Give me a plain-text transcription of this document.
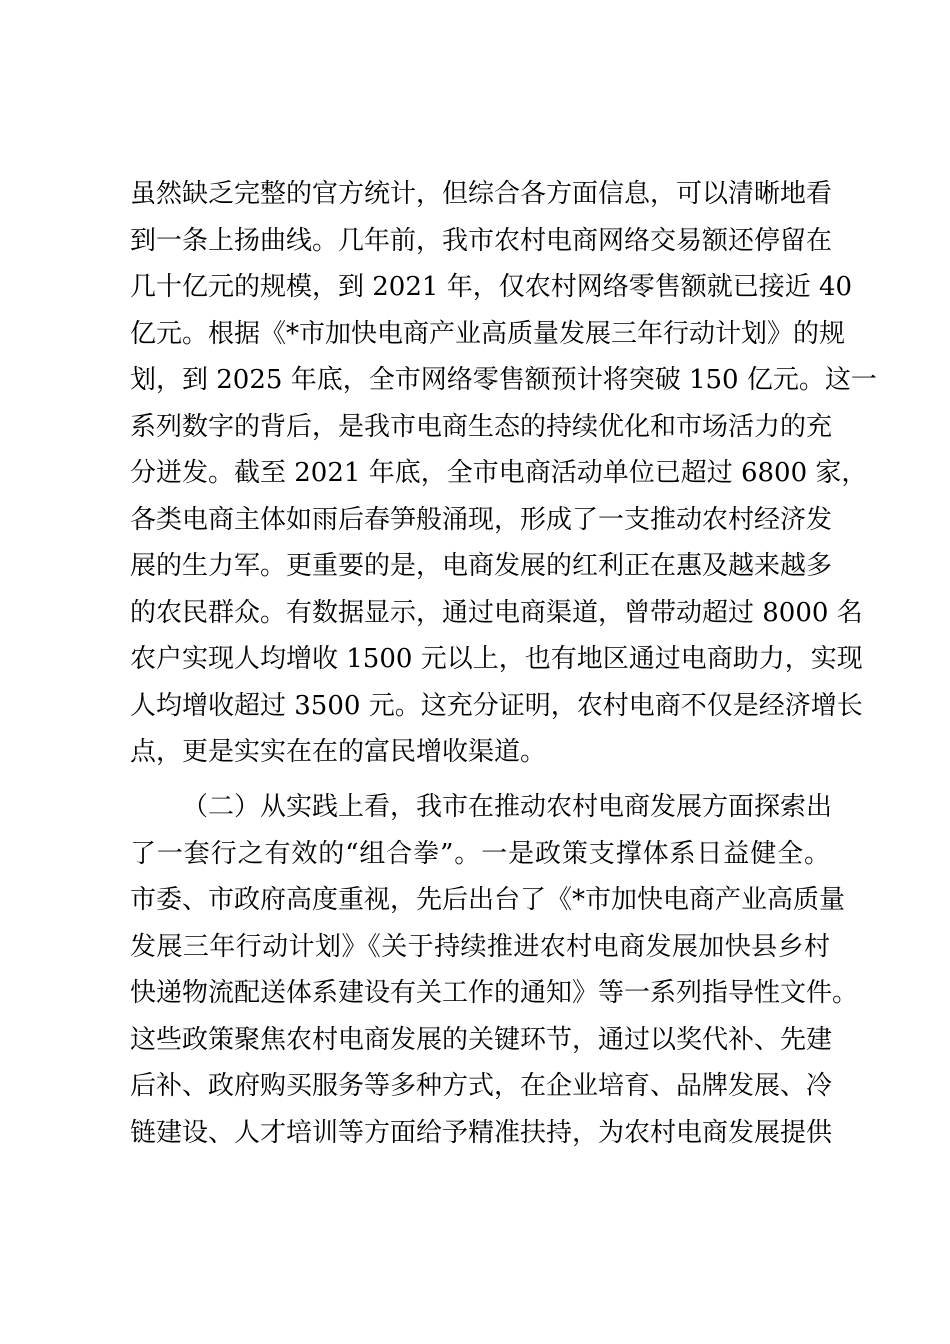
虽然缺乏完整的官方统计，但综合各方面信息，可以清晰地看
到一条上扬曲线。几年前，我市农村电商网络交易额还停留在
几十亿元的规模，到 2021 年，仅农村网络零售额就已接近 40
亿元。根据《*市加快电商产业高质量发展三年行动计划》的规
划，到 2025 年底，全市网络零售额预计将突破 150 亿元。这一
系列数字的背后，是我市电商生态的持续优化和市场活力的充
分迸发。截至 2021 年底，全市电商活动单位已超过 6800 家，
各类电商主体如雨后春笋般涌现，形成了一支推动农村经济发
展的生力军。更重要的是，电商发展的红利正在惠及越来越多
的农民群众。有数据显示，通过电商渠道，曾带动超过 8000 名
农户实现人均增收 1500 元以上，也有地区通过电商助力，实现
人均增收超过 3500 元。这充分证明，农村电商不仅是经济增长
点，更是实实在在的富民增收渠道。
（二）从实践上看，我市在推动农村电商发展方面探索出
了一套行之有效的“组合拳”。一是政策支撑体系日益健全。
市委、市政府高度重视，先后出台了《*市加快电商产业高质量
发展三年行动计划》《关于持续推进农村电商发展加快县乡村
快递物流配送体系建设有关工作的通知》等一系列指导性文件。
这些政策聚焦农村电商发展的关键环节，通过以奖代补、先建
后补、政府购买服务等多种方式，在企业培育、品牌发展、冷
链建设、人才培训等方面给予精准扶持，为农村电商发展提供
